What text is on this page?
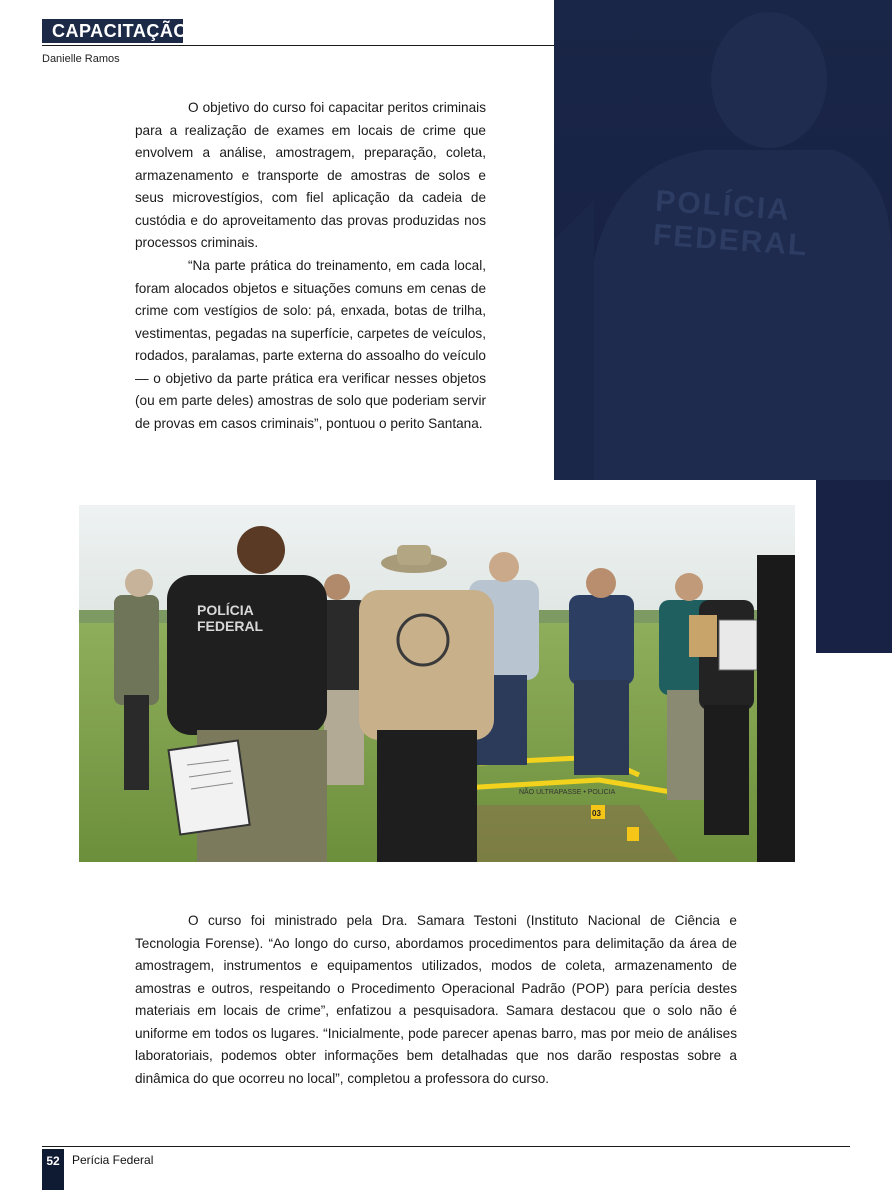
CAPACITAÇÃO
Danielle Ramos
POLÍCIA
FEDERAL

O objetivo do curso foi capacitar peritos criminais para a realização de exames em locais de crime que envolvem a análise, amostragem, preparação, coleta, armazenamento e transporte de amostras de solos e seus microvestígios, com fiel aplicação da cadeia de custódia e do aproveitamento das provas produzidas nos processos criminais.

“Na parte prática do treinamento, em cada local, foram alocados objetos e situações comuns em cenas de crime com vestígios de solo: pá, enxada, botas de trilha, vestimentas, pegadas na superfície, carpetes de veículos, rodados, paralamas, parte externa do assoalho do veículo — o objetivo da parte prática era verificar nesses objetos (ou em parte deles) amostras de solo que poderiam servir de provas em casos criminais”, pontuou o perito Santana.

NÃO ULTRAPASSE • POLICIA
03
POLÍCIA
FEDERAL

O curso foi ministrado pela Dra. Samara Testoni (Instituto Nacional de Ciência e Tecnologia Forense). “Ao longo do curso, abordamos procedimentos para delimitação da área de amostragem, instrumentos e equipamentos utilizados, modos de coleta, armazenamento de amostras e outros, respeitando o Procedimento Operacional Padrão (POP) para perícia destes materiais em locais de crime”, enfatizou a pesquisadora. Samara destacou que o solo não é uniforme em todos os lugares. “Inicialmente, pode parecer apenas barro, mas por meio de análises laboratoriais, podemos obter informações bem detalhadas que nos darão respostas sobre a dinâmica do que ocorreu no local”, completou a professora do curso.

52	Perícia Federal
